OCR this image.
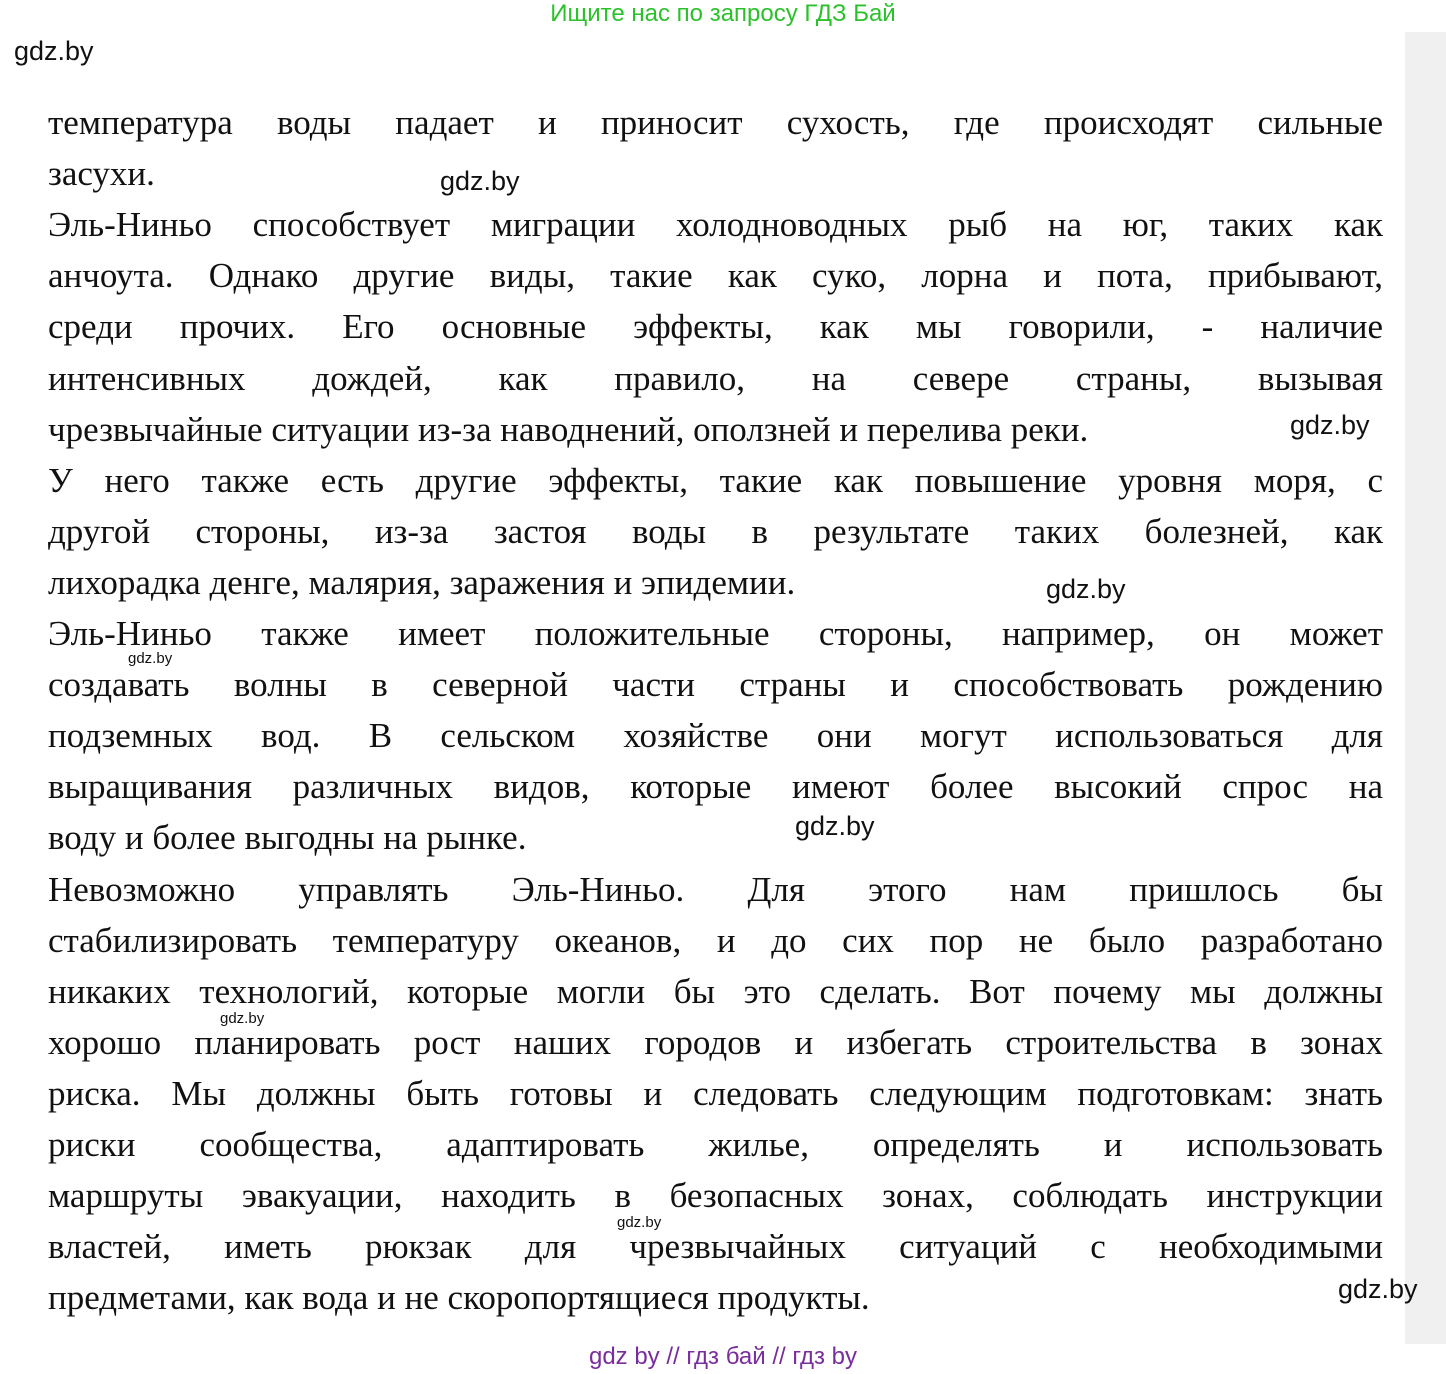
Ищите нас по запросу ГДЗ Бай
gdz.by
температура воды падает и приносит сухость, где происходят сильные
засухи.
Эль-Ниньо способствует миграции холодноводных рыб на юг, таких как
анчоута. Однако другие виды, такие как суко, лорна и пота, прибывают,
среди прочих. Его основные эффекты, как мы говорили, - наличие
интенсивных дождей, как правило, на севере страны, вызывая
чрезвычайные ситуации из-за наводнений, оползней и перелива реки.
У него также есть другие эффекты, такие как повышение уровня моря, с
другой стороны, из-за застоя воды в результате таких болезней, как
лихорадка денге, малярия, заражения и эпидемии.
Эль-Ниньо также имеет положительные стороны, например, он может
создавать волны в северной части страны и способствовать рождению
подземных вод. В сельском хозяйстве они могут использоваться для
выращивания различных видов, которые имеют более высокий спрос на
воду и более выгодны на рынке.
Невозможно управлять Эль-Ниньо. Для этого нам пришлось бы
стабилизировать температуру океанов, и до сих пор не было разработано
никаких технологий, которые могли бы это сделать. Вот почему мы должны
хорошо планировать рост наших городов и избегать строительства в зонах
риска. Мы должны быть готовы и следовать следующим подготовкам: знать
риски сообщества, адаптировать жилье, определять и использовать
маршруты эвакуации, находить в безопасных зонах, соблюдать инструкции
властей, иметь рюкзак для чрезвычайных ситуаций с необходимыми
предметами, как вода и не скоропортящиеся продукты.
gdz.by
gdz.by
gdz.by
gdz.by
gdz.by
gdz.by
gdz.by
gdz.by
gdz by // гдз бай // гдз by
